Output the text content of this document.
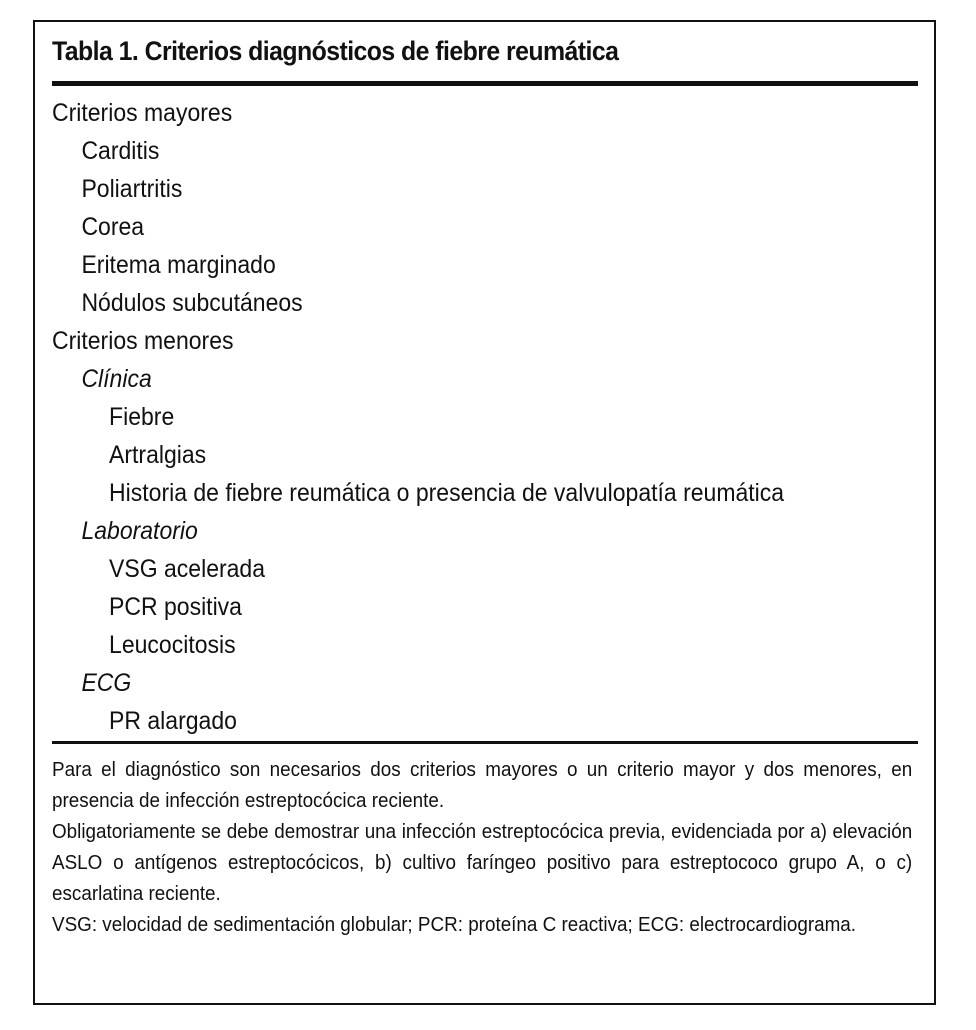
Tabla 1. Criterios diagnósticos de fiebre reumática
Criterios mayores
Carditis
Poliartritis
Corea
Eritema marginado
Nódulos subcutáneos
Criterios menores
Clínica
Fiebre
Artralgias
Historia de fiebre reumática o presencia de valvulopatía reumática
Laboratorio
VSG acelerada
PCR positiva
Leucocitosis
ECG
PR alargado

Para el diagnóstico son necesarios dos criterios mayores o un criterio mayor y dos menores, en presencia de infección estreptocócica reciente.

Obligatoriamente se debe demostrar una infección estreptocócica previa, evidenciada por a) elevación ASLO o antígenos estreptocócicos, b) cultivo faríngeo positivo para estreptococo grupo A, o c) escarlatina reciente.

VSG: velocidad de sedimentación globular; PCR: proteína C reactiva; ECG: electrocardiograma.
